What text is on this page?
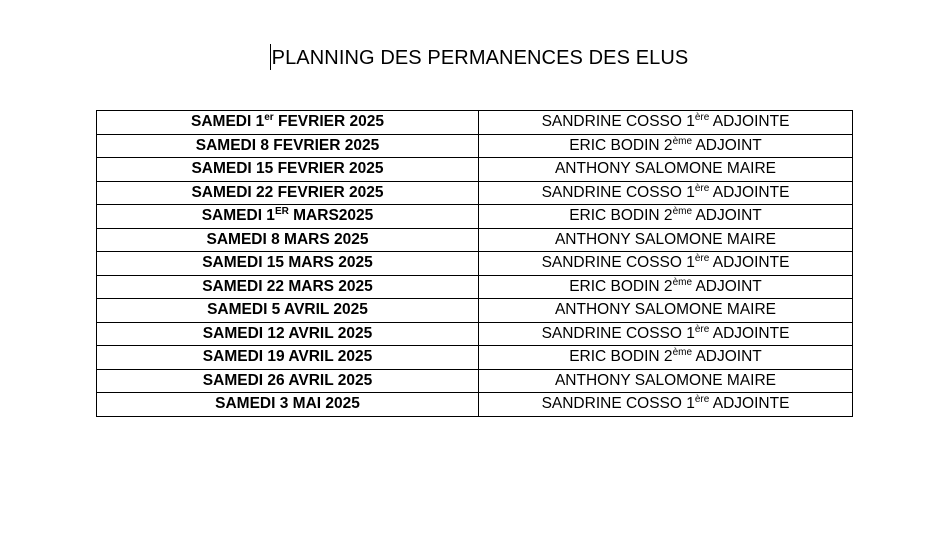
PLANNING DES PERMANENCES DES ELUS
SAMEDI 1er FEVRIER 2025	SANDRINE COSSO 1ère ADJOINTE
SAMEDI 8 FEVRIER 2025	ERIC BODIN 2ème ADJOINT
SAMEDI 15 FEVRIER 2025	ANTHONY SALOMONE MAIRE
SAMEDI 22 FEVRIER 2025	SANDRINE COSSO 1ère ADJOINTE
SAMEDI 1ER MARS2025	ERIC BODIN 2ème ADJOINT
SAMEDI 8 MARS 2025	ANTHONY SALOMONE MAIRE
SAMEDI 15 MARS 2025	SANDRINE COSSO 1ère ADJOINTE
SAMEDI 22 MARS 2025	ERIC BODIN 2ème ADJOINT
SAMEDI 5 AVRIL 2025	ANTHONY SALOMONE MAIRE
SAMEDI 12 AVRIL 2025	SANDRINE COSSO 1ère ADJOINTE
SAMEDI 19 AVRIL 2025	ERIC BODIN 2ème ADJOINT
SAMEDI 26 AVRIL 2025	ANTHONY SALOMONE MAIRE
SAMEDI 3 MAI 2025	SANDRINE COSSO 1ère ADJOINTE
